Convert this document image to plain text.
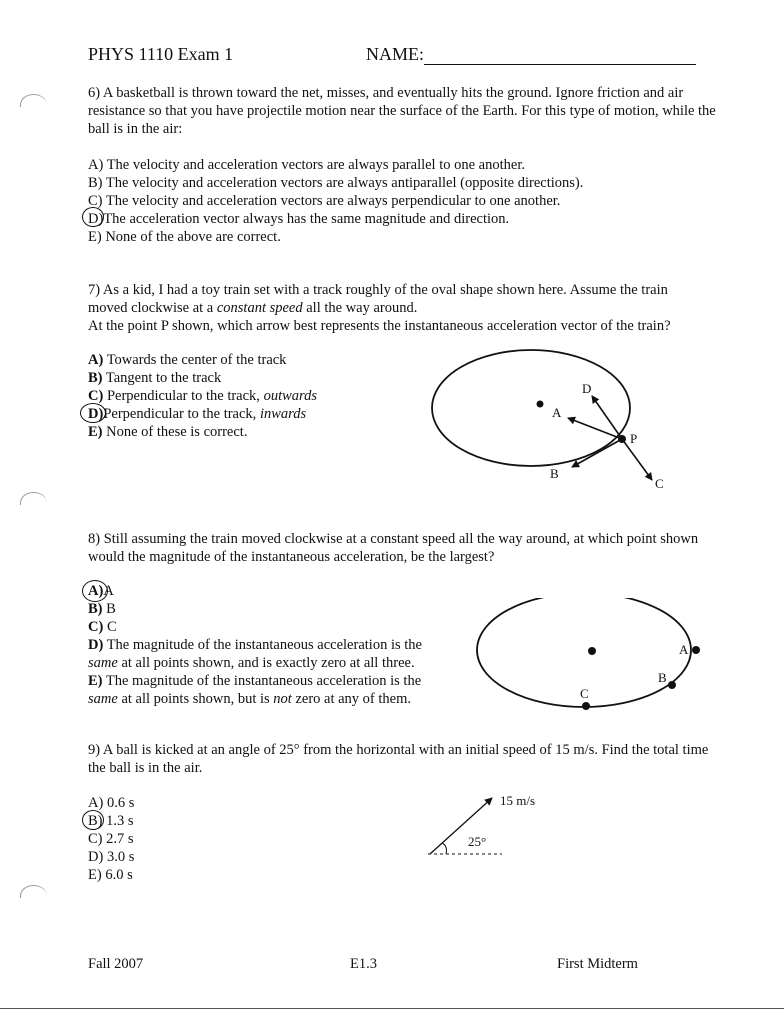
PHYS 1110 Exam 1	NAME:
6) A basketball is thrown toward the net, misses, and eventually hits the ground. Ignore friction and air resistance so that you have projectile motion near the surface of the Earth. For this type of motion, while the ball is in the air:
A) The velocity and acceleration vectors are always parallel to one another.
B) The velocity and acceleration vectors are always antiparallel (opposite directions).
C) The velocity and acceleration vectors are always perpendicular to one another.
D)The acceleration vector always has the same magnitude and direction.
E) None of the above are correct.
7) As a kid, I had a toy train set with a track roughly of the oval shape shown here. Assume the train
moved clockwise at a constant speed all the way around.
At the point P shown, which arrow best represents the instantaneous acceleration vector of the train?
A) Towards the center of the track
B) Tangent to the track
C) Perpendicular to the track, outwards
D)Perpendicular to the track, inwards
E) None of these is correct.
A
B
C
D
P
8) Still assuming the train moved clockwise at a constant speed all the way around, at which point shown would the magnitude of the instantaneous acceleration, be the largest?
A)A
B) B
C) C
D) The magnitude of the instantaneous acceleration is the
same at all points shown, and is exactly zero at all three.
E) The magnitude of the instantaneous acceleration is the
same at all points shown, but is not zero at any of them.
A
B
C
9) A ball is kicked at an angle of 25° from the horizontal with an initial speed of 15 m/s. Find the total time the ball is in the air.
A) 0.6 s
B) 1.3 s
C) 2.7 s
D) 3.0 s
E) 6.0 s
15 m/s
25°
Fall 2007	E1.3	First Midterm
